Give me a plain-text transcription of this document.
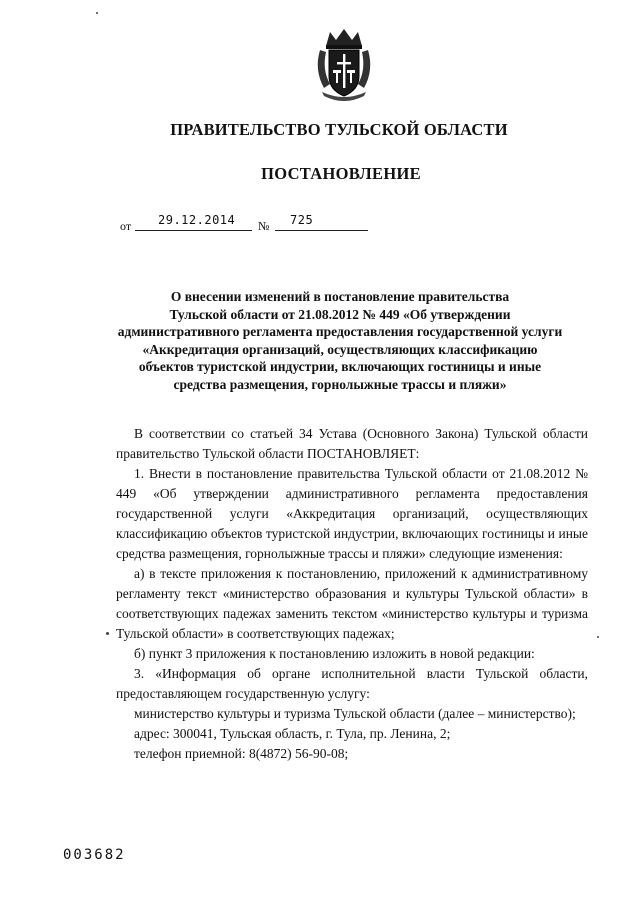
ПРАВИТЕЛЬСТВО ТУЛЬСКОЙ ОБЛАСТИ
ПОСТАНОВЛЕНИЕ
от 29.12.2014 № 725
О внесении изменений в постановление правительства
Тульской области от 21.08.2012 № 449 «Об утверждении
административного регламента предоставления государственной услуги
«Аккредитация организаций, осуществляющих классификацию
объектов туристской индустрии, включающих гостиницы и иные
средства размещения, горнолыжные трассы и пляжи»

В соответствии со статьей 34 Устава (Основного Закона) Тульской области правительство Тульской области ПОСТАНОВЛЯЕТ:

1. Внести в постановление правительства Тульской области от 21.08.2012 № 449 «Об утверждении административного регламента предоставления государственной услуги «Аккредитация организаций, осуществляющих классификацию объектов туристской индустрии, включающих гостиницы и иные средства размещения, горнолыжные трассы и пляжи» следующие изменения:

а) в тексте приложения к постановлению, приложений к административному регламенту текст «министерство образования и культуры Тульской области» в соответствующих падежах заменить текстом «министерство культуры и туризма Тульской области» в соответствующих падежах;

б) пункт 3 приложения к постановлению изложить в новой редакции:

3. «Информация об органе исполнительной власти Тульской области, предоставляющем государственную услугу:

министерство культуры и туризма Тульской области (далее – министерство);

адрес: 300041, Тульская область, г. Тула, пр. Ленина, 2;

телефон приемной: 8(4872) 56-90-08;

003682
